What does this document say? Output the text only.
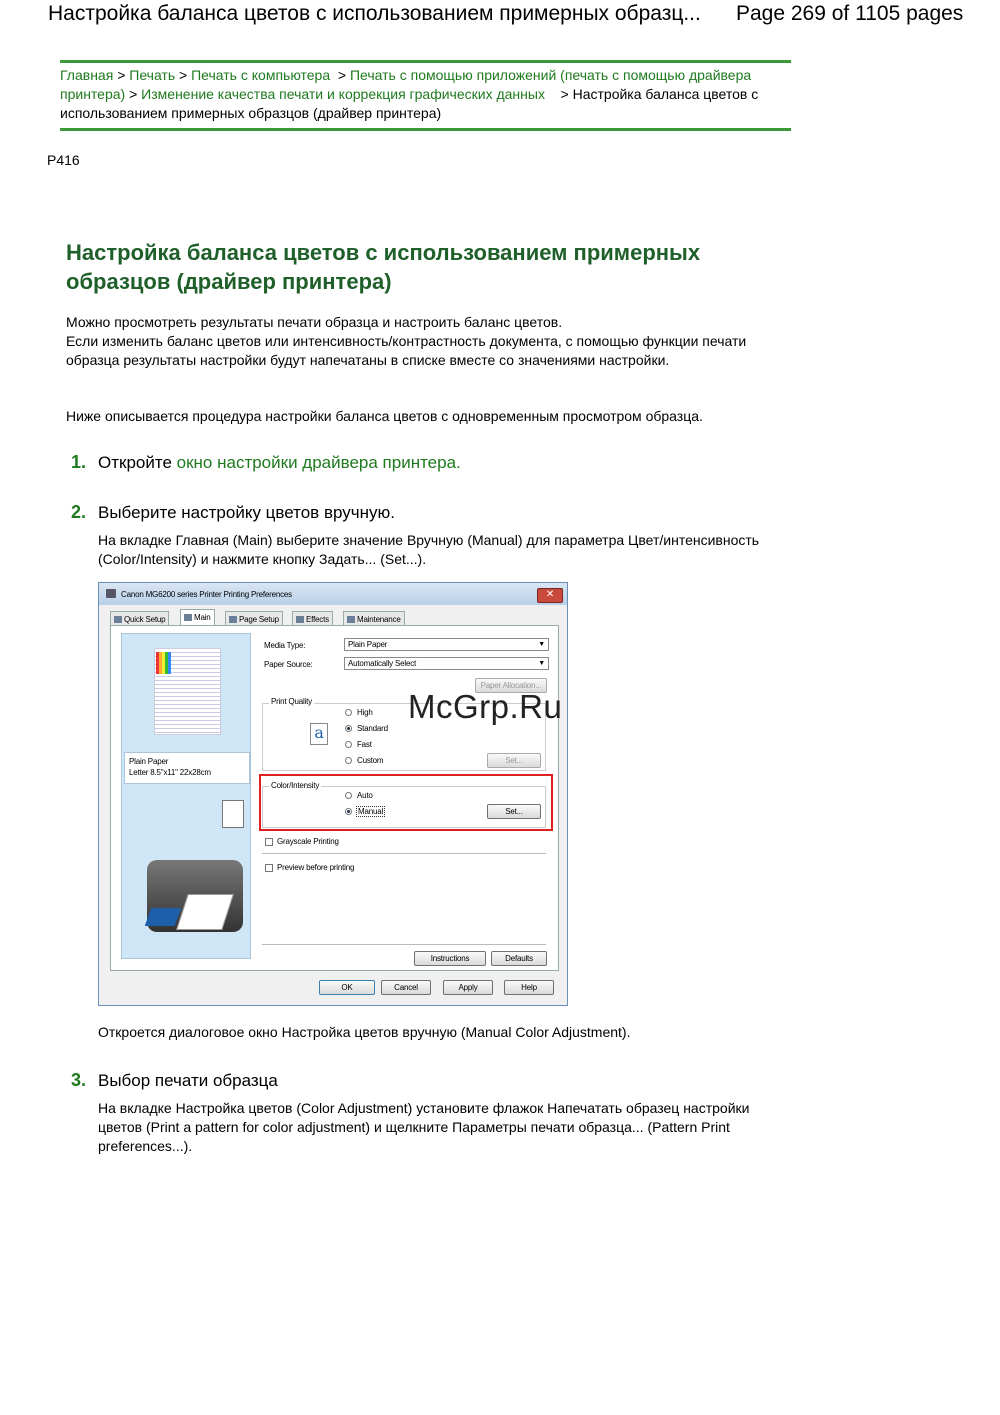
Настройка баланса цветов с использованием примерных образц... Page 269 of 1105 pages
Главная > Печать > Печать с компьютера > Печать с помощью приложений (печать с помощью драйвера принтера) > Изменение качества печати и коррекция графических данных > Настройка баланса цветов с использованием примерных образцов (драйвер принтера)
P416
Настройка баланса цветов с использованием примерных образцов (драйвер принтера)
Можно просмотреть результаты печати образца и настроить баланс цветов.
Если изменить баланс цветов или интенсивность/контрастность документа, с помощью функции печати образца результаты настройки будут напечатаны в списке вместе со значениями настройки.
Ниже описывается процедура настройки баланса цветов с одновременным просмотром образца.
1. Откройте окно настройки драйвера принтера.
2. Выберите настройку цветов вручную.
На вкладке Главная (Main) выберите значение Вручную (Manual) для параметра Цвет/интенсивность (Color/Intensity) и нажмите кнопку Задать... (Set...).
Canon MG6200 series Printer Printing Preferences	✕
Quick Setup	Main	Page Setup	Effects	Maintenance
Plain Paper
Letter 8.5"x11" 22x28cm
Media Type:	Plain Paper	▼
Paper Source:	Automatically Select	▼
Paper Allocation...
Print Quality
a
High
Standard
Fast
Custom	Set...
Color/Intensity
Auto
Manual	Set...
Grayscale Printing
Preview before printing
Instructions	Defaults
OK	Cancel	Apply	Help
McGrp.Ru
Откроется диалоговое окно Настройка цветов вручную (Manual Color Adjustment).
3. Выбор печати образца
На вкладке Настройка цветов (Color Adjustment) установите флажок Напечатать образец настройки цветов (Print a pattern for color adjustment) и щелкните Параметры печати образца... (Pattern Print preferences...).
